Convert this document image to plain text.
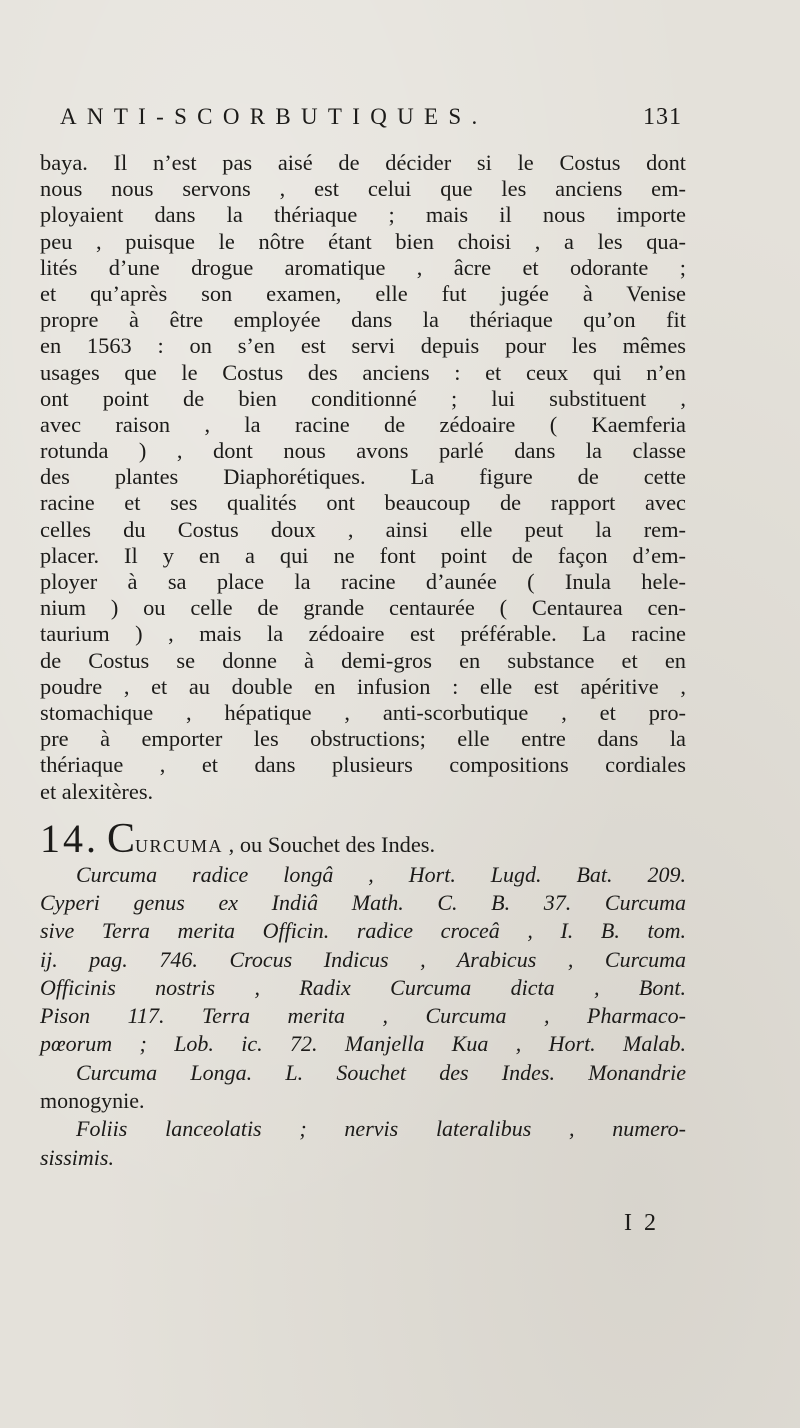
ANTI-SCORBUTIQUES.	131
baya. Il n’est pas aisé de décider si le Costus dont
nous nous servons , est celui que les anciens em-
ployaient dans la thériaque ; mais il nous importe
peu , puisque le nôtre étant bien choisi , a les qua-
lités d’une drogue aromatique , âcre et odorante ;
et qu’après son examen, elle fut jugée à Venise
propre à être employée dans la thériaque qu’on fit
en 1563 : on s’en est servi depuis pour les mêmes
usages que le Costus des anciens : et ceux qui n’en
ont point de bien conditionné ; lui substituent ,
avec raison , la racine de zédoaire ( Kaemferia
rotunda ) , dont nous avons parlé dans la classe
des plantes Diaphorétiques. La figure de cette
racine et ses qualités ont beaucoup de rapport avec
celles du Costus doux , ainsi elle peut la rem-
placer. Il y en a qui ne font point de façon d’em-
ployer à sa place la racine d’aunée ( Inula hele-
nium ) ou celle de grande centaurée ( Centaurea cen-
taurium ) , mais la zédoaire est préférable. La racine
de Costus se donne à demi-gros en substance et en
poudre , et au double en infusion : elle est apéritive ,
stomachique , hépatique , anti-scorbutique , et pro-
pre à emporter les obstructions; elle entre dans la
thériaque , et dans plusieurs compositions cordiales
et alexitères.
14. CURCUMA , ou Souchet des Indes.
Curcuma radice longâ , Hort. Lugd. Bat. 209.
Cyperi genus ex Indiâ Math. C. B. 37. Curcuma
sive Terra merita Officin. radice croceâ , I. B. tom.
ij. pag. 746. Crocus Indicus , Arabicus , Curcuma
Officinis nostris , Radix Curcuma dicta , Bont.
Pison 117. Terra merita , Curcuma , Pharmaco-
pœorum ; Lob. ic. 72. Manjella Kua , Hort. Malab.
Curcuma Longa. L. Souchet des Indes. Monandrie
monogynie.
Foliis lanceolatis ; nervis lateralibus , numero-
sissimis.
I 2
